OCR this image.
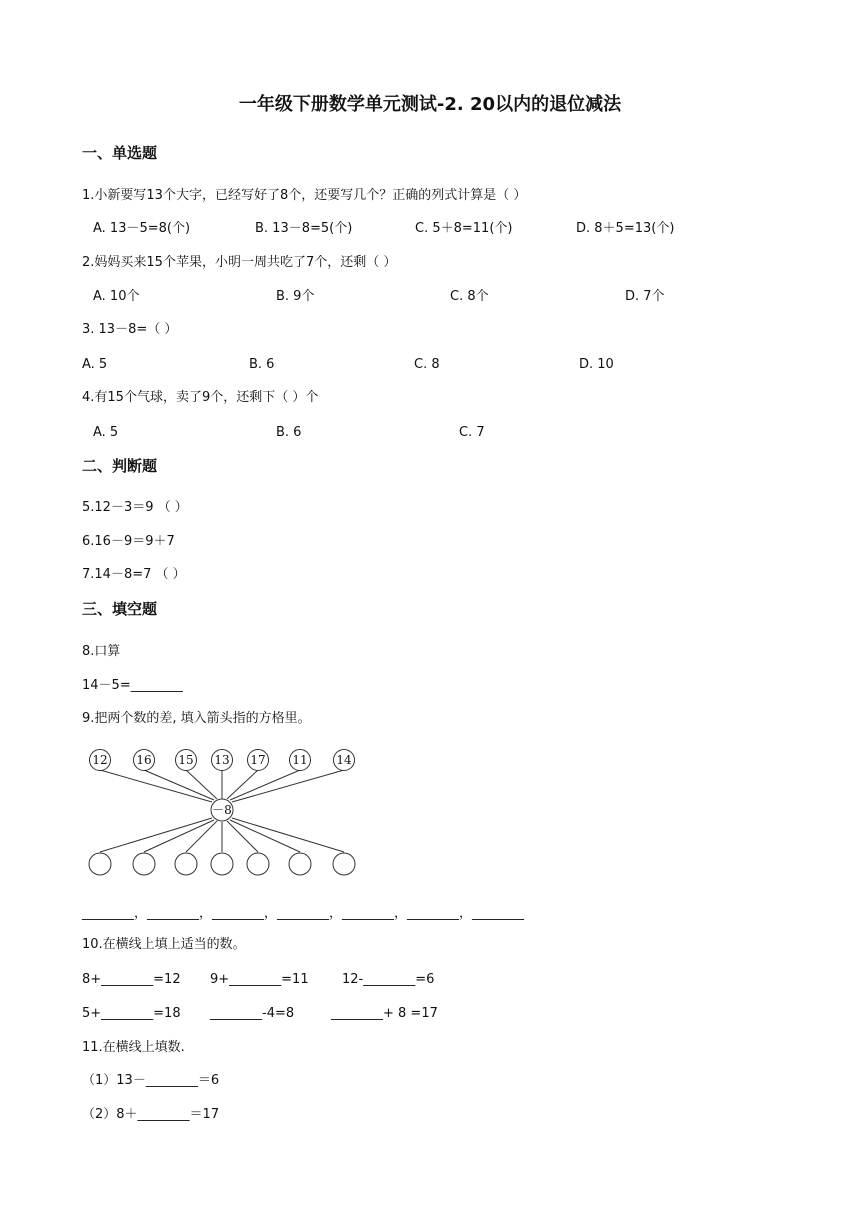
一年级下册数学单元测试-2. 20以内的退位减法
一、单选题
1.小新要写13个大字，已经写好了8个，还要写几个？正确的列式计算是（ ）
A. 13－5=8(个)	B. 13－8=5(个)	C. 5＋8=11(个)	D. 8＋5=13(个)
2.妈妈买来15个苹果，小明一周共吃了7个，还剩（ ）
A. 10个	B. 9个	C. 8个	D. 7个
3. 13－8=（ ）
A. 5	B. 6	C. 8	D. 10
4.有15个气球，卖了9个，还剩下（ ）个
A. 5	B. 6	C. 7
二、判断题
5.12－3＝9 （ ）
6.16－9＝9＋7
7.14－8=7 （ ）
三、填空题
8.口算
14－5=________
9.把两个数的差, 填入箭头指的方格里。
12 16 15 13 17 11 14
－8
________，________，________，________，________，________，________
10.在横线上填上适当的数。
8+________=12 9+________=11	12-________=6
5+________=18 ________-4=8	________+ 8 =17
11.在横线上填数.
（1）13－________＝6
（2）8＋________＝17
